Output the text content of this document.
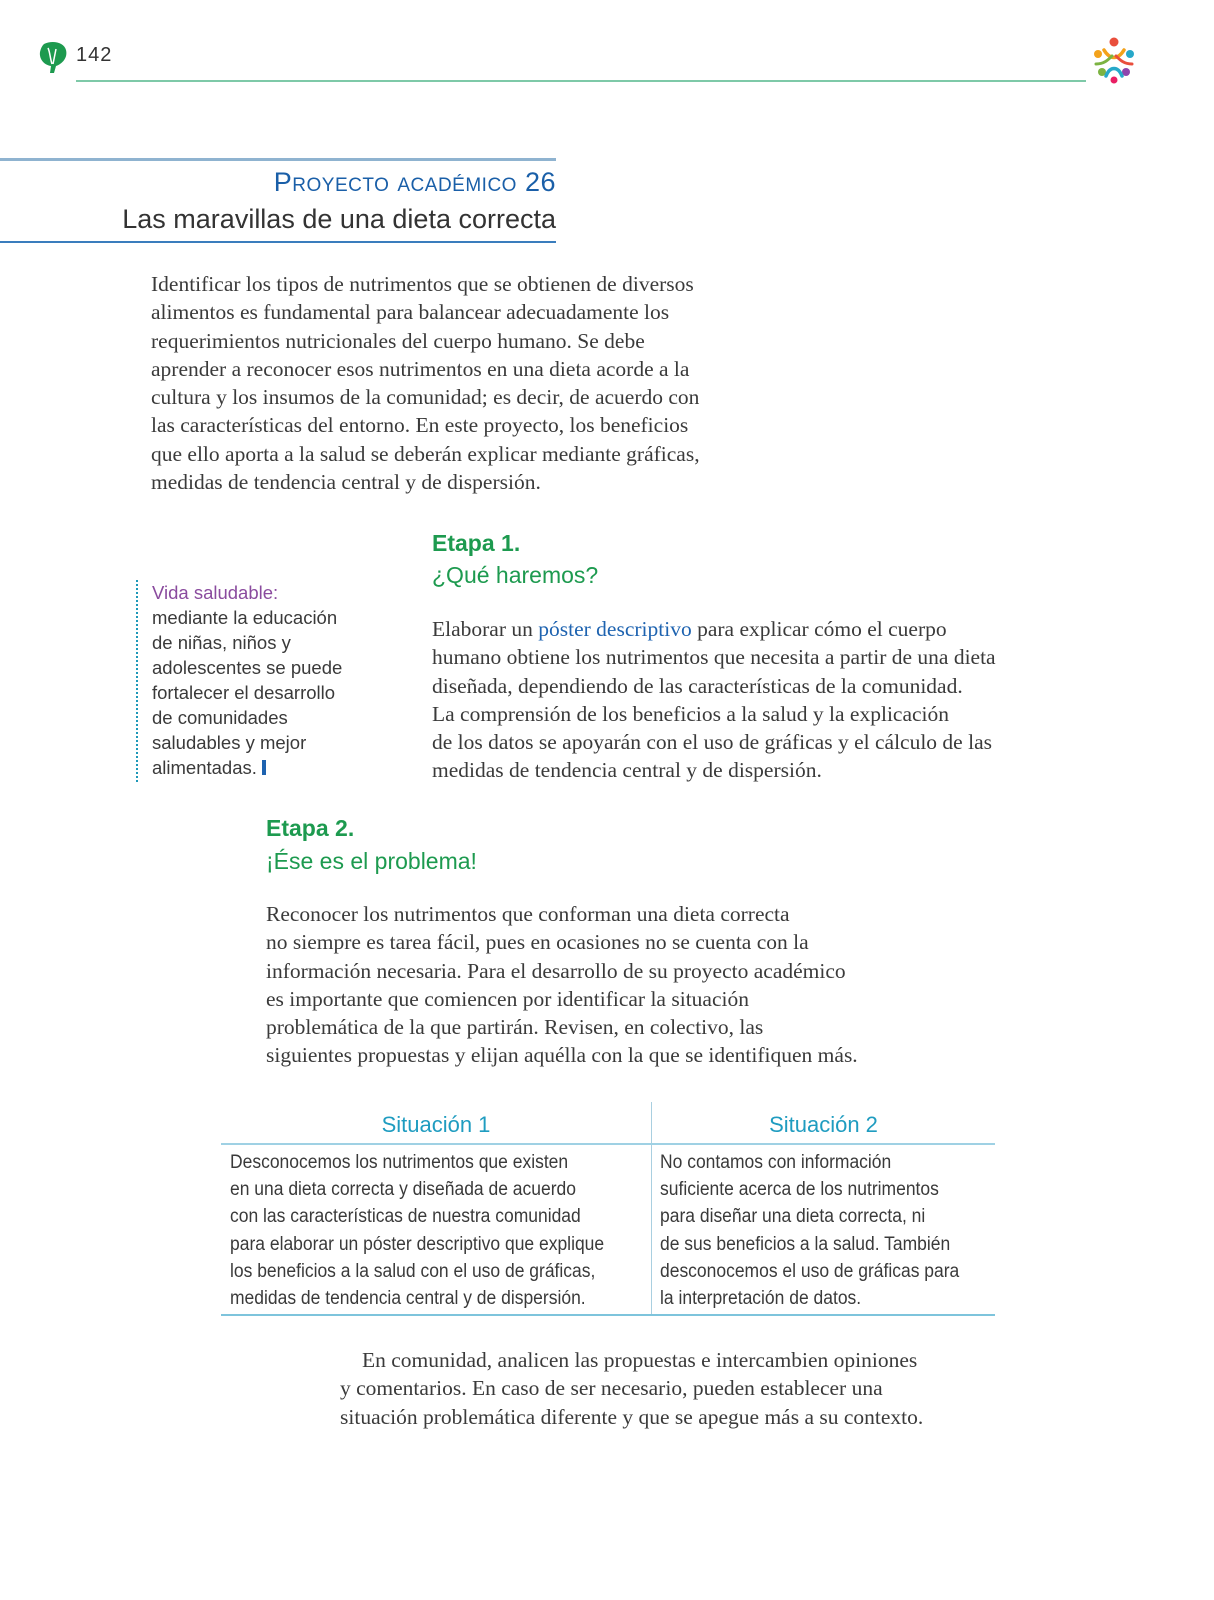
142
Proyecto académico 26
Las maravillas de una dieta correcta
Identificar los tipos de nutrimentos que se obtienen de diversos
alimentos es fundamental para balancear adecuadamente los
requerimientos nutricionales del cuerpo humano. Se debe
aprender a reconocer esos nutrimentos en una dieta acorde a la
cultura y los insumos de la comunidad; es decir, de acuerdo con
las características del entorno. En este proyecto, los beneficios
que ello aporta a la salud se deberán explicar mediante gráficas,
medidas de tendencia central y de dispersión.
Vida saludable:
mediante la educación
de niñas, niños y
adolescentes se puede
fortalecer el desarrollo
de comunidades
saludables y mejor
alimentadas.
Etapa 1.
¿Qué haremos?
Elaborar un póster descriptivo para explicar cómo el cuerpo
humano obtiene los nutrimentos que necesita a partir de una dieta
diseñada, dependiendo de las características de la comunidad.
La comprensión de los beneficios a la salud y la explicación
de los datos se apoyarán con el uso de gráficas y el cálculo de las
medidas de tendencia central y de dispersión.
Etapa 2.
¡Ése es el problema!
Reconocer los nutrimentos que conforman una dieta correcta
no siempre es tarea fácil, pues en ocasiones no se cuenta con la
información necesaria. Para el desarrollo de su proyecto académico
es importante que comiencen por identificar la situación
problemática de la que partirán. Revisen, en colectivo, las
siguientes propuestas y elijan aquélla con la que se identifiquen más.
Situación 1	Situación 2
Desconocemos los nutrimentos que existen
en una dieta correcta y diseñada de acuerdo
con las características de nuestra comunidad
para elaborar un póster descriptivo que explique
los beneficios a la salud con el uso de gráficas,
medidas de tendencia central y de dispersión.
No contamos con información
suficiente acerca de los nutrimentos
para diseñar una dieta correcta, ni
de sus beneficios a la salud. También
desconocemos el uso de gráficas para
la interpretación de datos.
En comunidad, analicen las propuestas e intercambien opiniones
y comentarios. En caso de ser necesario, pueden establecer una
situación problemática diferente y que se apegue más a su contexto.
